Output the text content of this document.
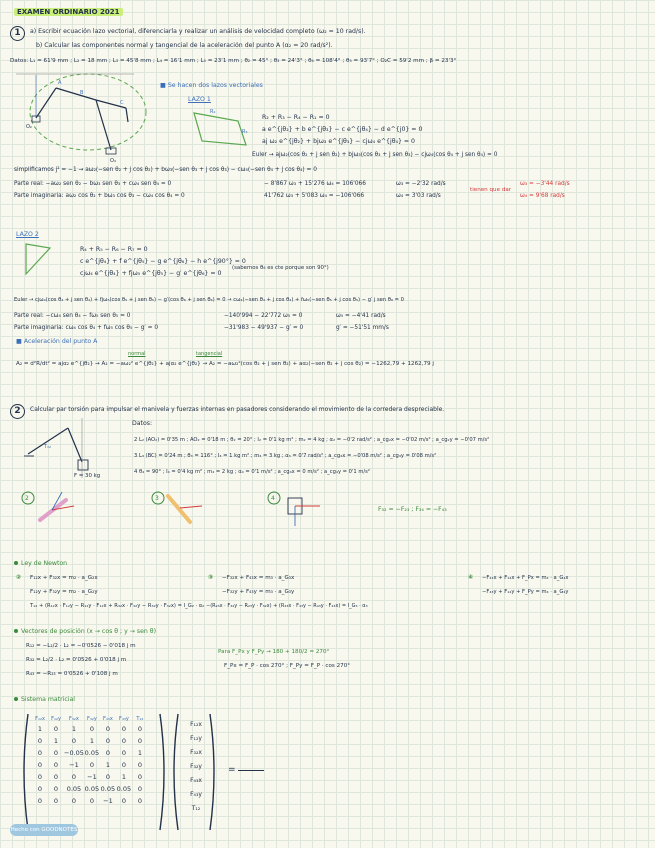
EXAMEN ORDINARIO 2021
1	a) Escribir ecuación lazo vectorial, diferenciarla y realizar un análisis de velocidad completo (ω₂ = 10 rad/s).
b) Calcular las componentes normal y tangencial de la aceleración del punto A (α₂ = 20 rad/s²).
Datos: L₁ = 61'9 mm ; L₂ = 18 mm ; L₃ = 45'8 mm ; L₄ = 16'1 mm ; L₅ = 23'1 mm ; θ₂ = 45° ; θ₃ = 24'3° ; θ₄ = 108'4° ; θ₅ = 93'7° ; O₂C = 59'2 mm ; β = 23'3°
A
B
C
O₂
O₄
■ Se hacen dos lazos vectoriales
LAZO 1
R₂
R₃
R₂ + R₃ − R₄ − R₁ = 0
a e^{jθ₂} + b e^{jθ₃} − c e^{jθ₄} − d e^{j0} = 0
aj ω₂ e^{jθ₂} + bjω₃ e^{jθ₃} − cjω₄ e^{jθ₄} = 0
Euler → ajω₂(cos θ₂ + j sen θ₂) + bjω₃(cos θ₃ + j sen θ₃) − cjω₄(cos θ₄ + j sen θ₄) = 0
simplificamos j² = −1 → aω₂(−sen θ₂ + j cos θ₂) + bω₃(−sen θ₃ + j cos θ₃) − cω₄(−sen θ₄ + j cos θ₄) = 0
Parte real: −aω₂ sen θ₂ − bω₃ sen θ₃ + cω₄ sen θ₄ = 0
Parte imaginaria: aω₂ cos θ₂ + bω₃ cos θ₃ − cω₄ cos θ₄ = 0
− 8'867 ω₃ + 15'276 ω₄ = 106'066
41'762 ω₃ + 5'083 ω₄ = −106'066
ω₃ = −2'32 rad/s
ω₄ = 3'03 rad/s
tienen que dar
ω₃ = −3'44 rad/s
ω₄ = 9'68 rad/s
LAZO 2
R₄ + R₅ − R₆ − R₇ = 0
c e^{jθ₄} + f e^{jθ₅} − g e^{jθ₆} − h e^{j90°} = 0
cjω₄ e^{jθ₄} + fjω₅ e^{jθ₅} − g′ e^{jθ₆} = 0
(sabemos θ₆ es cte porque son 90°)
Euler → cjω₄(cos θ₄ + j sen θ₄) + fjω₅(cos θ₅ + j sen θ₅) − g′(cos θ₆ + j sen θ₆) = 0 → cω₄(−sen θ₄ + j cos θ₄) + fω₅(−sen θ₅ + j cos θ₅) − g′ j sen θ₆ = 0
Parte real: −cω₄ sen θ₄ − fω₅ sen θ₅ = 0
Parte imaginaria: cω₄ cos θ₄ + fω₅ cos θ₅ − g′ = 0
−140'994 − 22'772 ω₅ = 0
−31'983 − 49'937 − g′ = 0
ω₅ = −4'41 rad/s
g′ = −51'51 mm/s
■ Aceleración del punto A
normal	tangencial
A₂ = d²R/dt² = ajα₂ e^{jθ₂} → A₂ = −aω₂² e^{jθ₂} + ajα₂ e^{jθ₂} → A₂ = −aω₂²(cos θ₂ + j sen θ₂) + aα₂(−sen θ₂ + j cos θ₂) = −1262,79 + 1262,79 j
2	Calcular par torsión para impulsar el manivela y fuerzas internas en pasadores considerando el movimiento de la corredera despreciable.
T₁₂
F = 30 kg
Datos:
2 L₂ (AO₂) = 0'35 m ; AO₂ = 0'18 m ; θ₂ = 20° ; I₂ = 0'1 kg m² ; m₂ = 4 kg ; α₂ = −0'2 rad/s² ; a_cg₂x = −0'02 m/s² ; a_cg₂y = −0'07 m/s²
3 L₃ (BC) = 0'24 m ; θ₃ = 116° ; I₃ = 1 kg m² ; m₃ = 3 kg ; α₃ = 0'7 rad/s² ; a_cg₃x = −0'08 m/s² ; a_cg₃y = 0'08 m/s²
4 θ₄ = 90° ; I₄ = 0'4 kg m² ; m₄ = 2 kg ; α₄ = 0'1 m/s² ; a_cg₄x = 0 m/s² ; a_cg₄y = 0'1 m/s²
2	3	4
F₃₂ = −F₂₃ ; F₃₄ = −F₄₃
Ley de Newton
② F₁₂x + F₃₂x = m₂ · a_G₂x
F₁₂y + F₃₂y = m₂ · a_G₂y
T₁₂ + (R₁₂x · F₁₂y − R₁₂y · F₁₂x + R₃₂x · F₃₂y − R₃₂y · F₃₂x) = I_G₂ · α₂
③ −F₃₂x + F₄₃x = m₃ · a_G₃x
−F₃₂y + F₄₃y = m₃ · a_G₃y
−(R₂₃x · F₃₂y − R₂₃y · F₃₂x) + (R₄₃x · F₄₃y − R₄₃y · F₄₃x) = I_G₃ · α₃
④ −F₄₃x + F₁₄x + F_Px = m₄ · a_G₄x
−F₄₃y + F₁₄y + F_Py = m₄ · a_G₄y
Vectores de posición (x → cos θ ; y → sen θ)
R₁₂ = −L₂/2 · L₂ = −0'0526 − 0'018 j m
R₃₂ = L₂/2 · L₂ = 0'0526 + 0'018 j m
R₄₃ = −R₂₃ = 0'0526 + 0'108 j m
Para F_Px y F_Py → 180 + 180/2 = 270°
F_Px = F_P · cos 270° ; F_Py = F_P · cos 270°
Sistema matricial
F₁₂x	F₁₂y	F₃₂x	F₃₂y	F₄₃x	F₄₃y	T₁₂
1	0	1	0	0	0	0
0	1	0	1	0	0	0
0	0	−0.05	0.05	0	0	1
0	0	−1	0	1	0	0
0	0	0	−1	0	1	0
0	0	0.05	0.05	0.05	0.05	0
0	0	0	0	−1	0	0
F₁₂x
F₁₂y
F₃₂x
F₃₂y
F₄₃x
F₄₃y
T₁₂
=
Hecho con GOODNOTES
